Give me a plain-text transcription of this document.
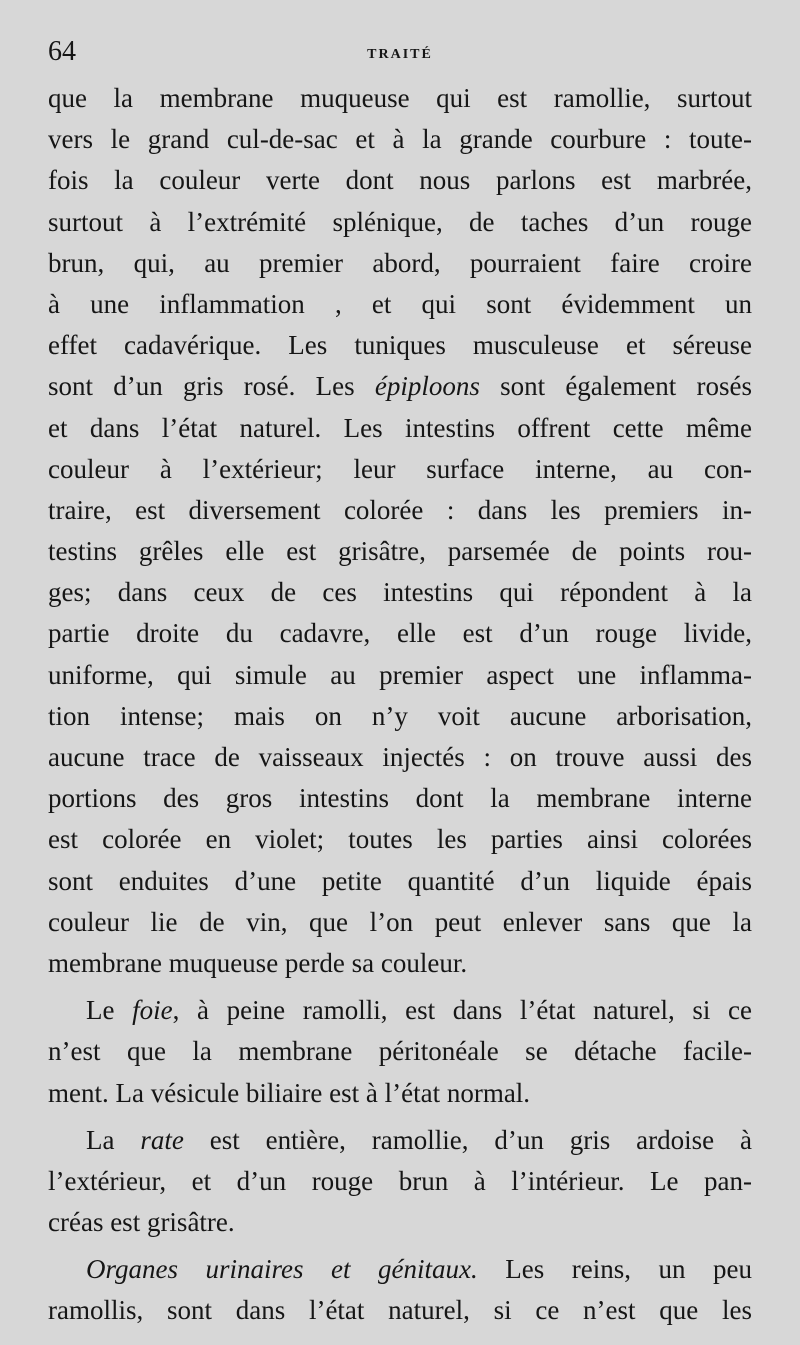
64	TRAITÉ
que la membrane muqueuse qui est ramollie, surtout
vers le grand cul-de-sac et à la grande courbure : toute-
fois la couleur verte dont nous parlons est marbrée,
surtout à l’extrémité splénique, de taches d’un rouge
brun, qui, au premier abord, pourraient faire croire
à une inflammation , et qui sont évidemment un
effet cadavérique. Les tuniques musculeuse et séreuse
sont d’un gris rosé. Les épiploons sont également rosés
et dans l’état naturel. Les intestins offrent cette même
couleur à l’extérieur; leur surface interne, au con-
traire, est diversement colorée : dans les premiers in-
testins grêles elle est grisâtre, parsemée de points rou-
ges; dans ceux de ces intestins qui répondent à la
partie droite du cadavre, elle est d’un rouge livide,
uniforme, qui simule au premier aspect une inflamma-
tion intense; mais on n’y voit aucune arborisation,
aucune trace de vaisseaux injectés : on trouve aussi des
portions des gros intestins dont la membrane interne
est colorée en violet; toutes les parties ainsi colorées
sont enduites d’une petite quantité d’un liquide épais
couleur lie de vin, que l’on peut enlever sans que la
membrane muqueuse perde sa couleur.
Le foie, à peine ramolli, est dans l’état naturel, si ce
n’est que la membrane péritonéale se détache facile-
ment. La vésicule biliaire est à l’état normal.
La rate est entière, ramollie, d’un gris ardoise à
l’extérieur, et d’un rouge brun à l’intérieur. Le pan-
créas est grisâtre.
Organes urinaires et génitaux. Les reins, un peu
ramollis, sont dans l’état naturel, si ce n’est que les
